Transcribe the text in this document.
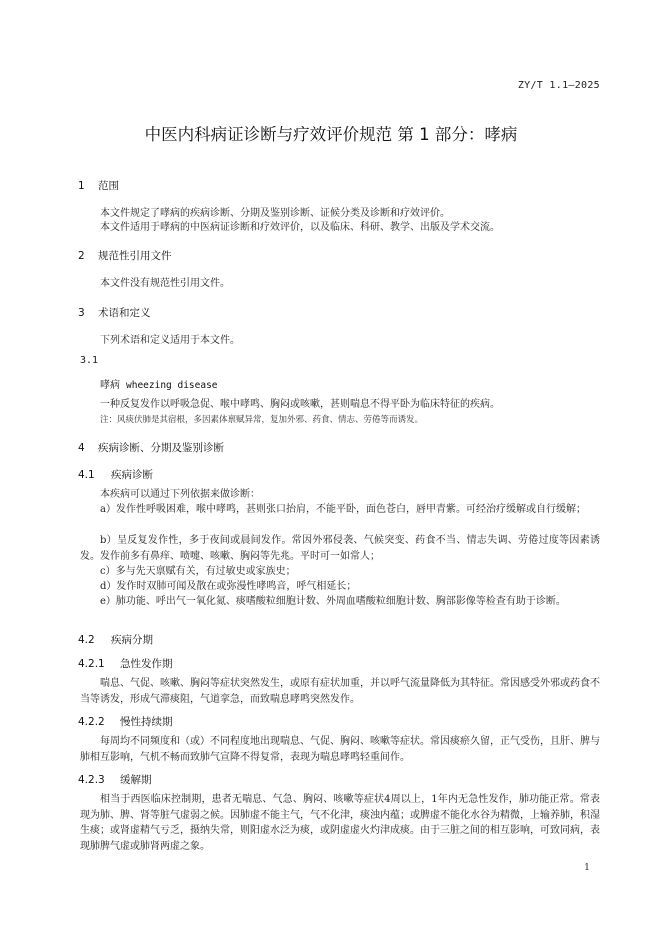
ZY/T 1.1—2025
中医内科病证诊断与疗效评价规范 第 1 部分：哮病
1 范围
本文件规定了哮病的疾病诊断、分期及鉴别诊断、证候分类及诊断和疗效评价。
本文件适用于哮病的中医病证诊断和疗效评价，以及临床、科研、教学、出版及学术交流。
2 规范性引用文件
本文件没有规范性引用文件。
3 术语和定义
下列术语和定义适用于本文件。
3.1
哮病 wheezing disease
一种反复发作以呼吸急促、喉中哮鸣、胸闷或咳嗽，甚则喘息不得平卧为临床特征的疾病。
注：风痰伏肺是其宿根，多因素体禀赋异常，复加外邪、药食、情志、劳倦等而诱发。
4 疾病诊断、分期及鉴别诊断
4.1 疾病诊断
本疾病可以通过下列依据来做诊断：
a）发作性呼吸困难，喉中哮鸣，甚则张口抬肩，不能平卧，面色苍白，唇甲青紫。可经治疗缓解或自行缓解；
b）呈反复发作性，多于夜间或晨间发作。常因外邪侵袭、气候突变、药食不当、情志失调、劳倦过度等因素诱发。发作前多有鼻痒、喷嚏、咳嗽、胸闷等先兆。平时可一如常人；
c）多与先天禀赋有关，有过敏史或家族史；
d）发作时双肺可闻及散在或弥漫性哮鸣音，呼气相延长；
e）肺功能、呼出气一氧化氮、痰嗜酸粒细胞计数、外周血嗜酸粒细胞计数、胸部影像等检查有助于诊断。
4.2 疾病分期
4.2.1 急性发作期
喘息、气促、咳嗽、胸闷等症状突然发生，或原有症状加重，并以呼气流量降低为其特征。常因感受外邪或药食不当等诱发，形成气滞痰阻，气道挛急，而致喘息哮鸣突然发作。
4.2.2 慢性持续期
每周均不同频度和（或）不同程度地出现喘息、气促、胸闷、咳嗽等症状。常因痰瘀久留，正气受伤，且肝、脾与肺相互影响，气机不畅而致肺气宣降不得复常，表现为喘息哮鸣轻重间作。
4.2.3 缓解期
相当于西医临床控制期，患者无喘息、气急、胸闷、咳嗽等症状4周以上，1年内无急性发作，肺功能正常。常表现为肺、脾、肾等脏气虚弱之候。因肺虚不能主气，气不化津，痰浊内蕴；或脾虚不能化水谷为精微，上输养肺，积湿生痰；或肾虚精气亏乏，摄纳失常，则阳虚水泛为痰，或阴虚虚火灼津成痰。由于三脏之间的相互影响，可致同病，表现肺脾气虚或肺肾两虚之象。
1
